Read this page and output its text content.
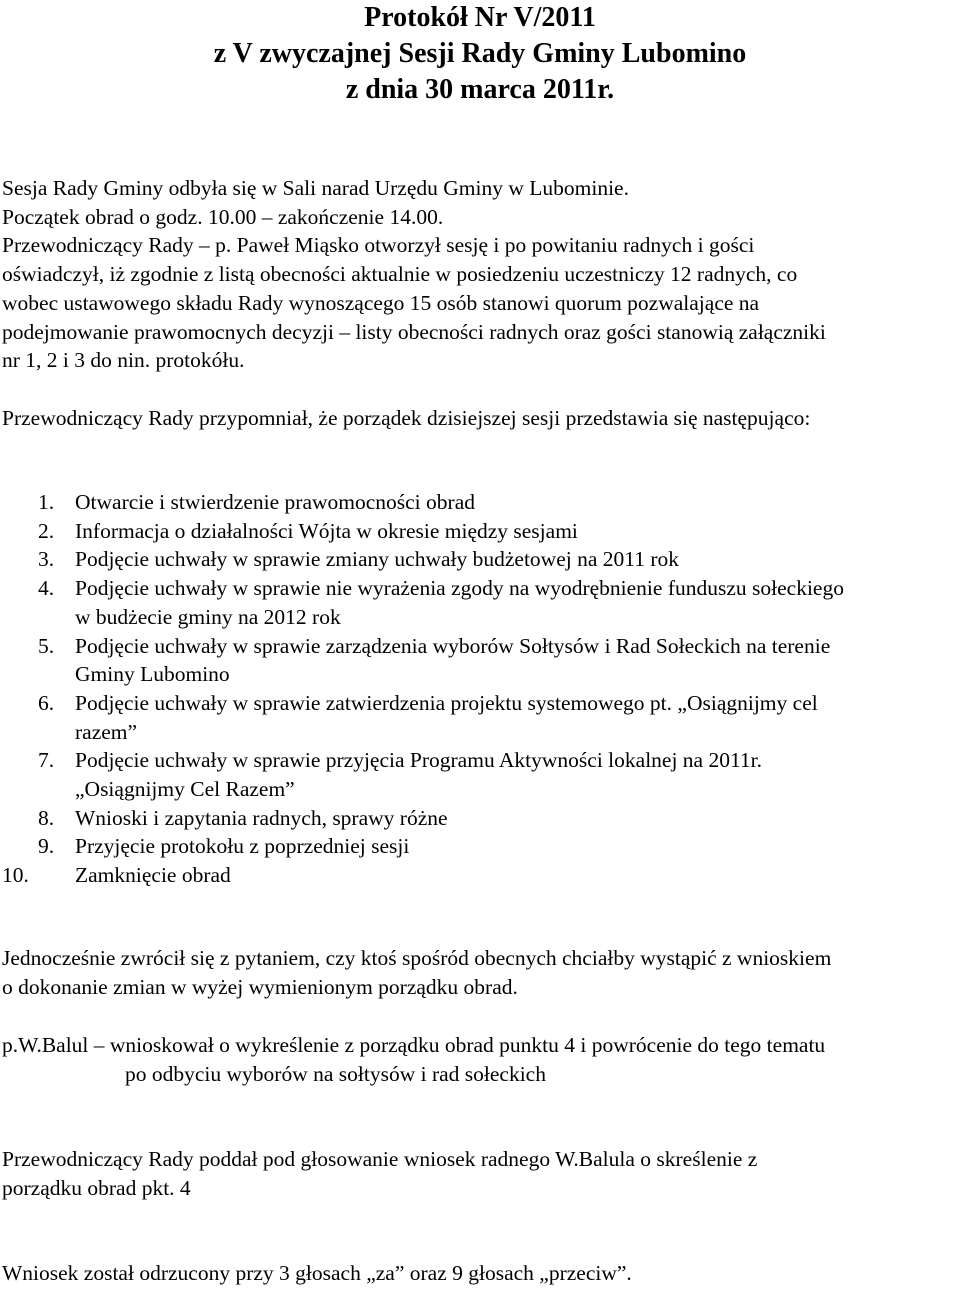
Protokół Nr V/2011
z V zwyczajnej Sesji Rady Gminy Lubomino
z dnia 30 marca 2011r.
Sesja Rady Gminy odbyła się w Sali narad Urzędu Gminy w Lubominie.
Początek obrad o godz. 10.00 – zakończenie 14.00.
Przewodniczący Rady – p. Paweł Miąsko otworzył sesję i po powitaniu radnych i gości
oświadczył, iż zgodnie z listą obecności aktualnie w posiedzeniu uczestniczy 12 radnych, co
wobec ustawowego składu Rady wynoszącego 15 osób stanowi quorum pozwalające na
podejmowanie prawomocnych decyzji – listy obecności radnych oraz gości stanowią załączniki
nr 1, 2 i 3 do nin. protokółu.
Przewodniczący Rady przypomniał, że porządek dzisiejszej sesji przedstawia się następująco:
1. Otwarcie i stwierdzenie prawomocności obrad
2. Informacja o działalności Wójta w okresie między sesjami
3. Podjęcie uchwały w sprawie zmiany uchwały budżetowej na 2011 rok
4. Podjęcie uchwały w sprawie nie wyrażenia zgody na wyodrębnienie funduszu sołeckiego
w budżecie gminy na 2012 rok
5. Podjęcie uchwały w sprawie zarządzenia wyborów Sołtysów i Rad Sołeckich na terenie
Gminy Lubomino
6. Podjęcie uchwały w sprawie zatwierdzenia projektu systemowego pt. „Osiągnijmy cel
razem”
7. Podjęcie uchwały w sprawie przyjęcia Programu Aktywności lokalnej na 2011r.
„Osiągnijmy Cel Razem”
8. Wnioski i zapytania radnych, sprawy różne
9. Przyjęcie protokołu z poprzedniej sesji
10. Zamknięcie obrad
Jednocześnie zwrócił się z pytaniem, czy ktoś spośród obecnych chciałby wystąpić z wnioskiem
o dokonanie zmian w wyżej wymienionym porządku obrad.
p.W.Balul – wnioskował o wykreślenie z porządku obrad punktu 4 i powrócenie do tego tematu
po odbyciu wyborów na sołtysów i rad sołeckich
Przewodniczący Rady poddał pod głosowanie wniosek radnego W.Balula o skreślenie z
porządku obrad pkt. 4
Wniosek został odrzucony przy 3 głosach „za” oraz 9 głosach „przeciw”.
